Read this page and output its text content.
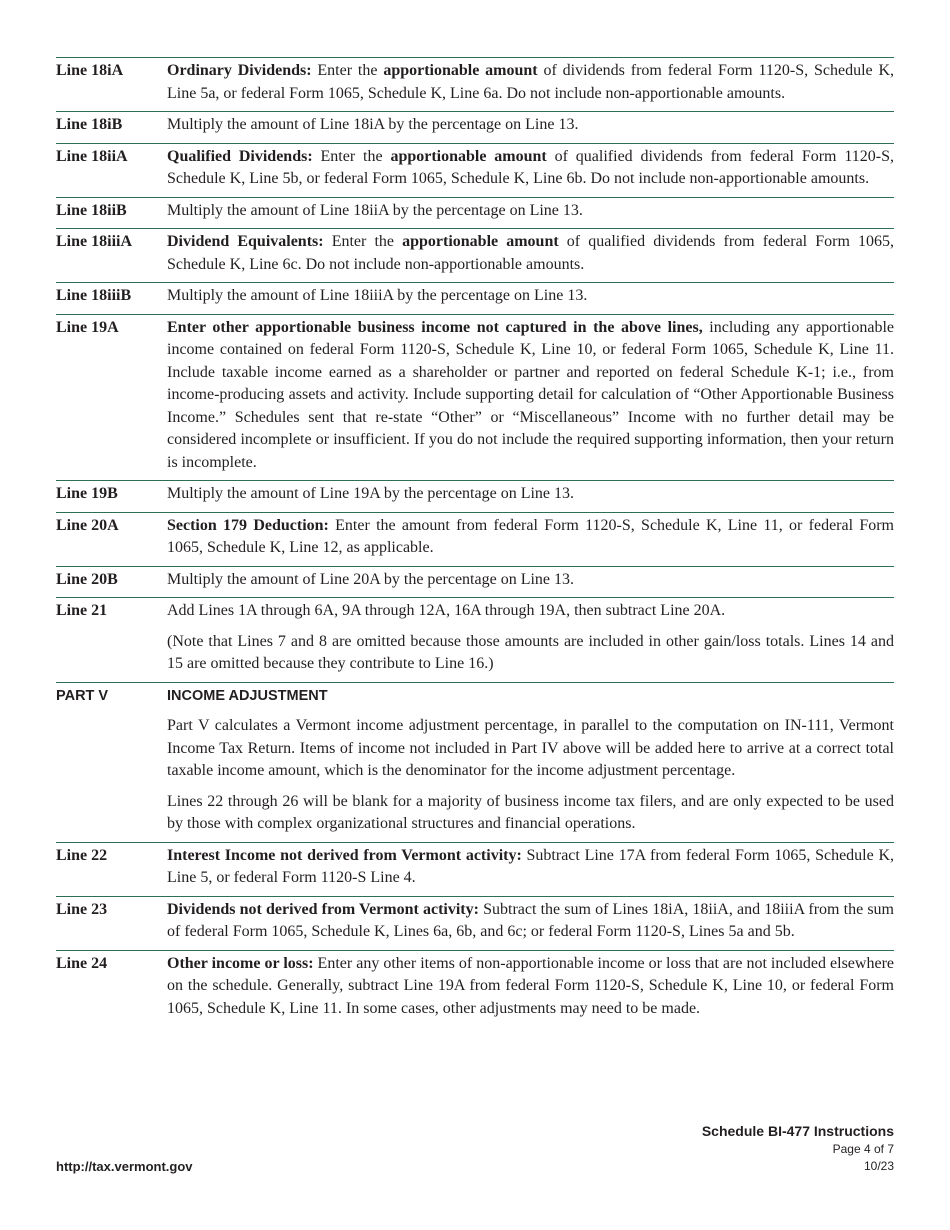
Line 18iA	Ordinary Dividends: Enter the apportionable amount of dividends from federal Form 1120-S, Schedule K, Line 5a, or federal Form 1065, Schedule K, Line 6a. Do not include non-apportionable amounts.

Line 18iB	Multiply the amount of Line 18iA by the percentage on Line 13.

Line 18iiA	Qualified Dividends: Enter the apportionable amount of qualified dividends from federal Form 1120-S, Schedule K, Line 5b, or federal Form 1065, Schedule K, Line 6b. Do not include non-apportionable amounts.

Line 18iiB	Multiply the amount of Line 18iiA by the percentage on Line 13.

Line 18iiiA	Dividend Equivalents: Enter the apportionable amount of qualified dividends from federal Form 1065, Schedule K, Line 6c. Do not include non-apportionable amounts.

Line 18iiiB	Multiply the amount of Line 18iiiA by the percentage on Line 13.

Line 19A	Enter other apportionable business income not captured in the above lines, including any apportionable income contained on federal Form 1120-S, Schedule K, Line 10, or federal Form 1065, Schedule K, Line 11. Include taxable income earned as a shareholder or partner and reported on federal Schedule K-1; i.e., from income-producing assets and activity. Include supporting detail for calculation of “Other Apportionable Business Income.” Schedules sent that re-state “Other” or “Miscellaneous” Income with no further detail may be considered incomplete or insufficient. If you do not include the required supporting information, then your return is incomplete.

Line 19B	Multiply the amount of Line 19A by the percentage on Line 13.

Line 20A	Section 179 Deduction: Enter the amount from federal Form 1120-S, Schedule K, Line 11, or federal Form 1065, Schedule K, Line 12, as applicable.

Line 20B	Multiply the amount of Line 20A by the percentage on Line 13.

Line 21	Add Lines 1A through 6A, 9A through 12A, 16A through 19A, then subtract Line 20A.

(Note that Lines 7 and 8 are omitted because those amounts are included in other gain/loss totals. Lines 14 and 15 are omitted because they contribute to Line 16.)

PART V	INCOME ADJUSTMENT

Part V calculates a Vermont income adjustment percentage, in parallel to the computation on IN-111, Vermont Income Tax Return. Items of income not included in Part IV above will be added here to arrive at a correct total taxable income amount, which is the denominator for the income adjustment percentage.

Lines 22 through 26 will be blank for a majority of business income tax filers, and are only expected to be used by those with complex organizational structures and financial operations.

Line 22	Interest Income not derived from Vermont activity: Subtract Line 17A from federal Form 1065, Schedule K, Line 5, or federal Form 1120-S Line 4.

Line 23	Dividends not derived from Vermont activity: Subtract the sum of Lines 18iA, 18iiA, and 18iiiA from the sum of federal Form 1065, Schedule K, Lines 6a, 6b, and 6c; or federal Form 1120-S, Lines 5a and 5b.

Line 24	Other income or loss: Enter any other items of non-apportionable income or loss that are not included elsewhere on the schedule. Generally, subtract Line 19A from federal Form 1120-S, Schedule K, Line 10, or federal Form 1065, Schedule K, Line 11. In some cases, other adjustments may need to be made.

Schedule BI-477 Instructions
Page 4 of 7
10/23
http://tax.vermont.gov
